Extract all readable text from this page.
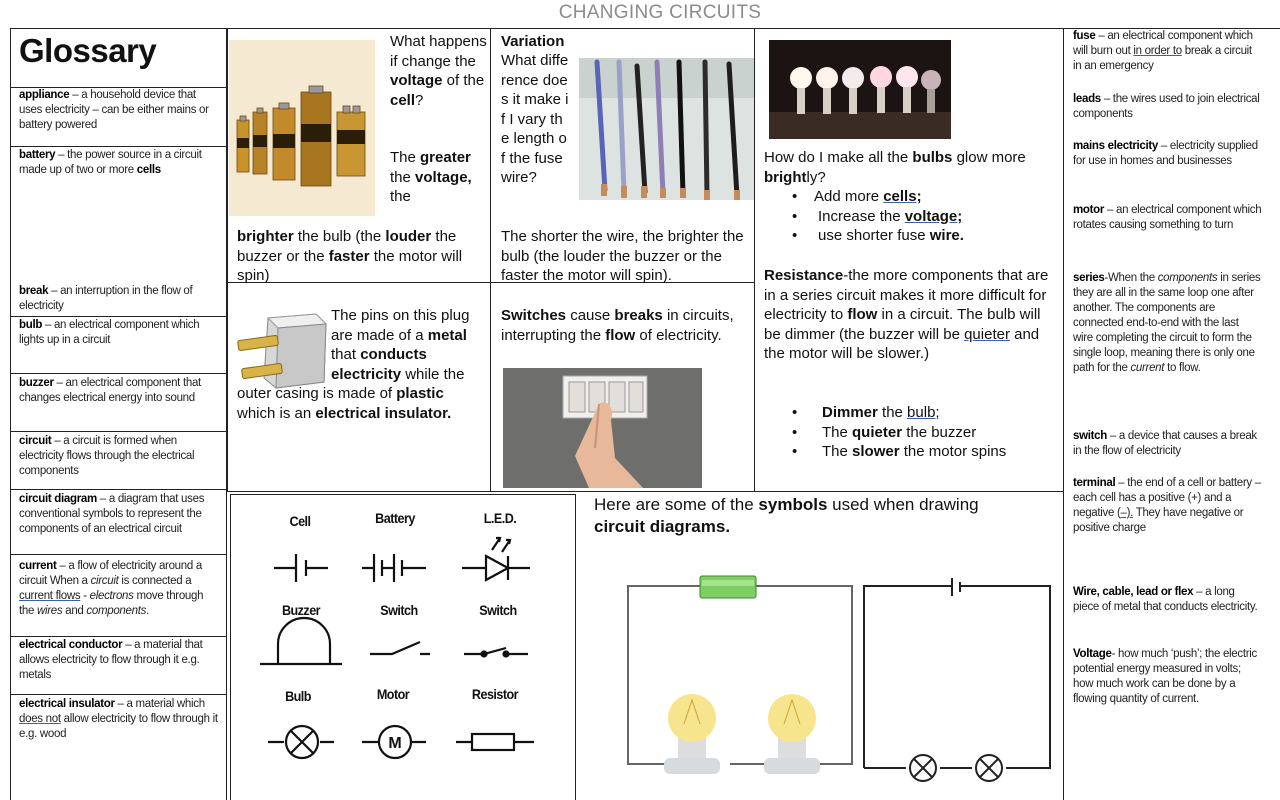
CHANGING CIRCUITS
Glossary
appliance – a household device that uses electricity – can be either mains or battery powered
battery – the power source in a circuit made up of two or more cells
break – an interruption in the flow of electricity
bulb – an electrical component which lights up in a circuit
buzzer – an electrical component that changes electrical energy into sound
circuit – a circuit is formed when electricity flows through the electrical components
circuit diagram – a diagram that uses conventional symbols to represent the components of an electrical circuit
current – a flow of electricity around a circuit When a circuit is connected a current flows - electrons move through the wires and components.
electrical conductor – a material that allows electricity to flow through it e.g. metals
electrical insulator – a material which does not allow electricity to flow through it e.g. wood
fuse – an electrical component which will burn out in order to break a circuit in an emergency
leads – the wires used to join electrical components
mains electricity – electricity supplied for use in homes and businesses
motor – an electrical component which rotates causing something to turn
series-When the components in series they are all in the same loop one after another. The components are connected end-to-end with the last wire completing the circuit to form the single loop, meaning there is only one path for the current to flow.
switch – a device that causes a break in the flow of electricity
terminal – the end of a cell or battery – each cell has a positive (+) and a negative (–). They have negative or positive charge
Wire, cable, lead or flex – a long piece of metal that conducts electricity.
Voltage- how much ‘push’; the electric potential energy measured in volts; how much work can be done by a flowing quantity of current.
What happens if change the voltage of the cell?
The greater the voltage, the
brighter the bulb (the louder the buzzer or the faster the motor will spin)
Variation
What difference does it make if I vary the length of the fuse wire?
The shorter the wire, the brighter the bulb (the louder the buzzer or the faster the motor will spin).
How do I make all the bulbs glow more brightly?
• Add more cells;
• Increase the voltage;
• use shorter fuse wire.
Resistance-the more components that are in a series circuit makes it more difficult for electricity to flow in a circuit. The bulb will be dimmer (the buzzer will be quieter and the motor will be slower.)
• Dimmer the bulb;
• The quieter the buzzer
• The slower the motor spins
The pins on this plug are made of a metal that conducts electricity while the outer casing is made of plastic which is an electrical insulator.
Switches cause breaks in circuits, interrupting the flow of electricity.
Cell	Battery	L.E.D.
Buzzer	Switch	Switch
Bulb	Motor	Resistor
M
Here are some of the symbols used when drawing
circuit diagrams.
